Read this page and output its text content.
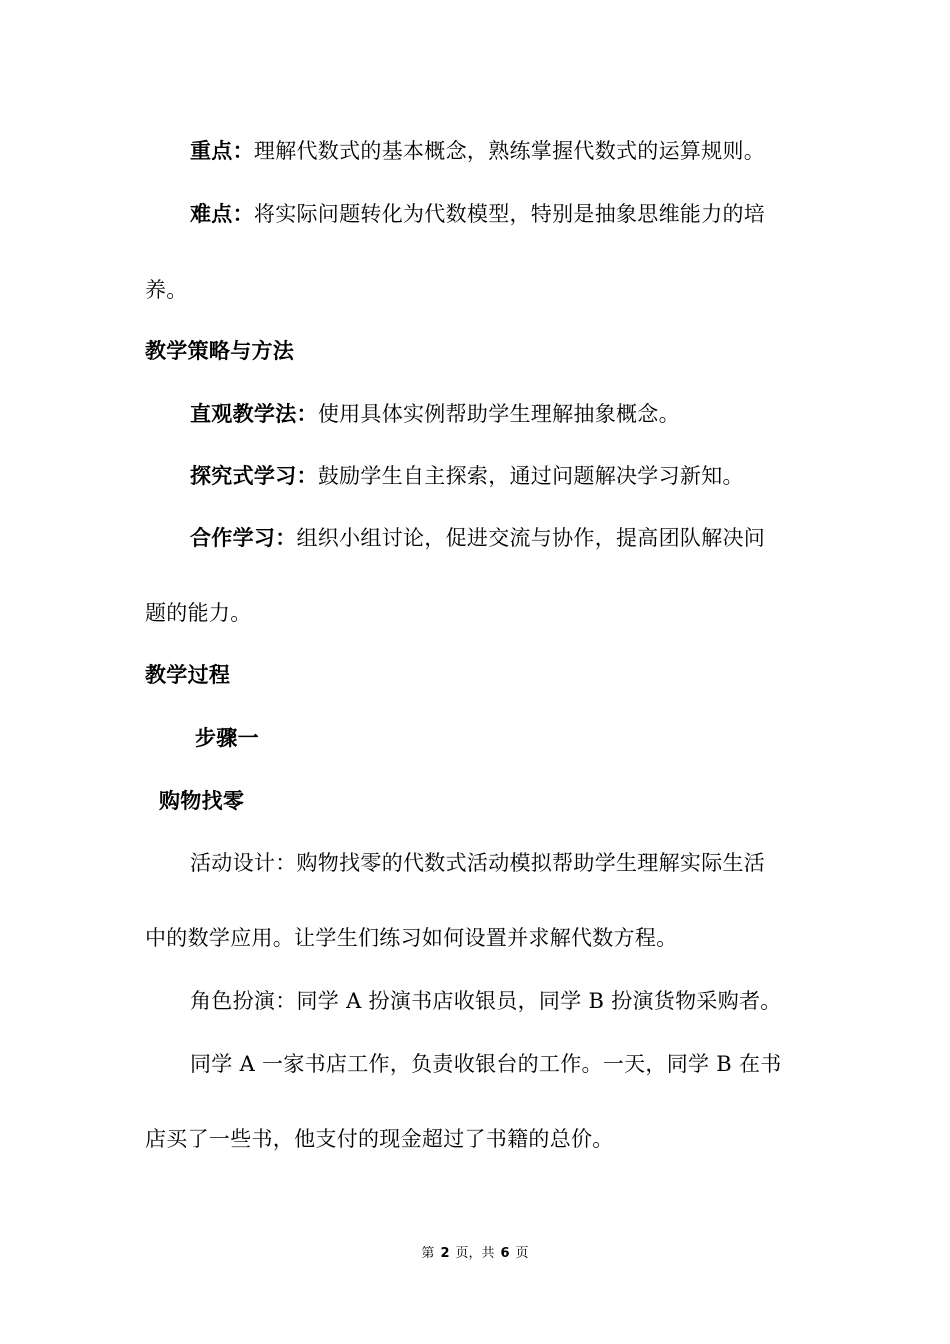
重点：理解代数式的基本概念，熟练掌握代数式的运算规则。
难点：将实际问题转化为代数模型，特别是抽象思维能力的培
养。
教学策略与方法
直观教学法：使用具体实例帮助学生理解抽象概念。
探究式学习：鼓励学生自主探索，通过问题解决学习新知。
合作学习：组织小组讨论，促进交流与协作，提高团队解决问
题的能力。
教学过程
步骤一
购物找零
活动设计：购物找零的代数式活动模拟帮助学生理解实际生活
中的数学应用。让学生们练习如何设置并求解代数方程。
角色扮演：同学 A 扮演书店收银员，同学 B 扮演货物采购者。
同学 A 一家书店工作，负责收银台的工作。一天，同学 B 在书
店买了一些书，他支付的现金超过了书籍的总价。
第 2 页，共 6 页
